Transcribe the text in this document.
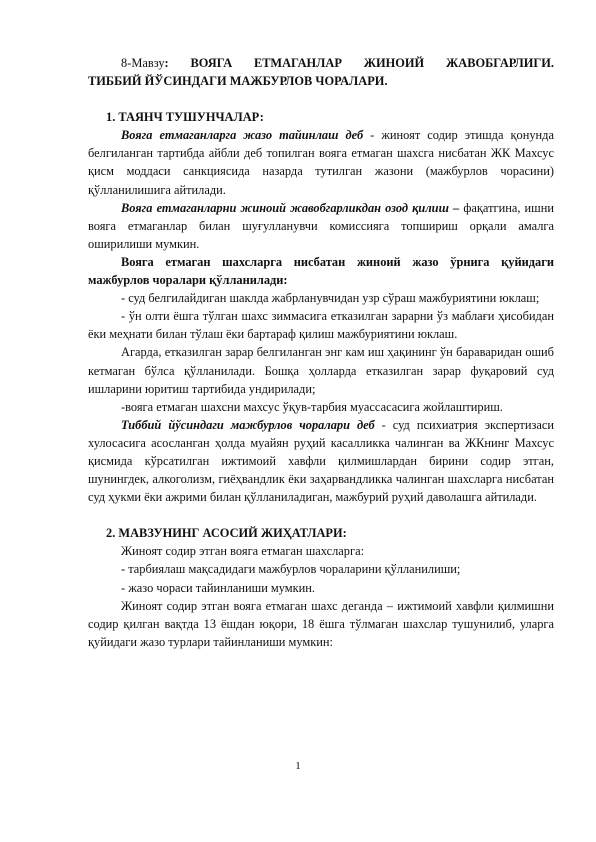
8-Мавзу: ВОЯГА ЕТМАГАНЛАР ЖИНОИЙ ЖАВОБГАРЛИГИ.

ТИББИЙ ЙЎСИНДАГИ МАЖБУРЛОВ ЧОРАЛАРИ.

1. ТАЯНЧ ТУШУНЧАЛАР:

Вояга етмаганларга жазо тайинлаш деб - жиноят содир этишда қонунда белгиланган тартибда айбли деб топилган вояга етмаган шахсга нисбатан ЖК Махсус қисм моддаси санкциясида назарда тутилган жазони (мажбурлов чорасини) қўлланилишига айтилади.

Вояга етмаганларни жиноий жавобгарликдан озод қилиш – фақатгина, ишни вояга етмаганлар билан шуғулланувчи комиссияга топшириш орқали амалга оширилиши мумкин.

Вояга етмаган шахсларга нисбатан жиноий жазо ўрнига қуйидаги мажбурлов чоралари қўлланилади:

- суд белгилайдиган шаклда жабрланувчидан узр сўраш мажбуриятини юклаш;

- ўн олти ёшга тўлган шахс зиммасига етказилган зарарни ўз маблағи ҳисобидан ёки меҳнати билан тўлаш ёки бартараф қилиш мажбуриятини юклаш.

Агарда, етказилган зарар белгиланган энг кам иш ҳақининг ўн бараваридан ошиб кетмаган бўлса қўлланилади. Бошқа ҳолларда етказилган зарар фуқаровий суд ишларини юритиш тартибида ундирилади;

-вояга етмаган шахсни махсус ўқув-тарбия муассасасига жойлаштириш.

Тиббий йўсиндаги мажбурлов чоралари деб - суд психиатрия экспертизаси хулосасига асосланган ҳолда муайян руҳий касалликка чалинган ва ЖКнинг Махсус қисмида кўрсатилган ижтимоий хавфли қилмишлардан бирини содир этган, шунингдек, алкоголизм, гиёҳвандлик ёки заҳарвандликка чалинган шахсларга нисбатан суд ҳукми ёки ажрими билан қўлланиладиган, мажбурий руҳий даволашга айтилади.

2. МАВЗУНИНГ АСОСИЙ ЖИҲАТЛАРИ:

Жиноят содир этган вояга етмаган шахсларга:

- тарбиялаш мақсадидаги мажбурлов чораларини қўлланилиши;

- жазо чораси тайинланиши мумкин.

Жиноят содир этган вояга етмаган шахс деганда – ижтимоий хавфли қилмишни содир қилган вақтда 13 ёшдан юқори, 18 ёшга тўлмаган шахслар тушунилиб, уларга қуйидаги жазо турлари тайинланиши мумкин:

1
